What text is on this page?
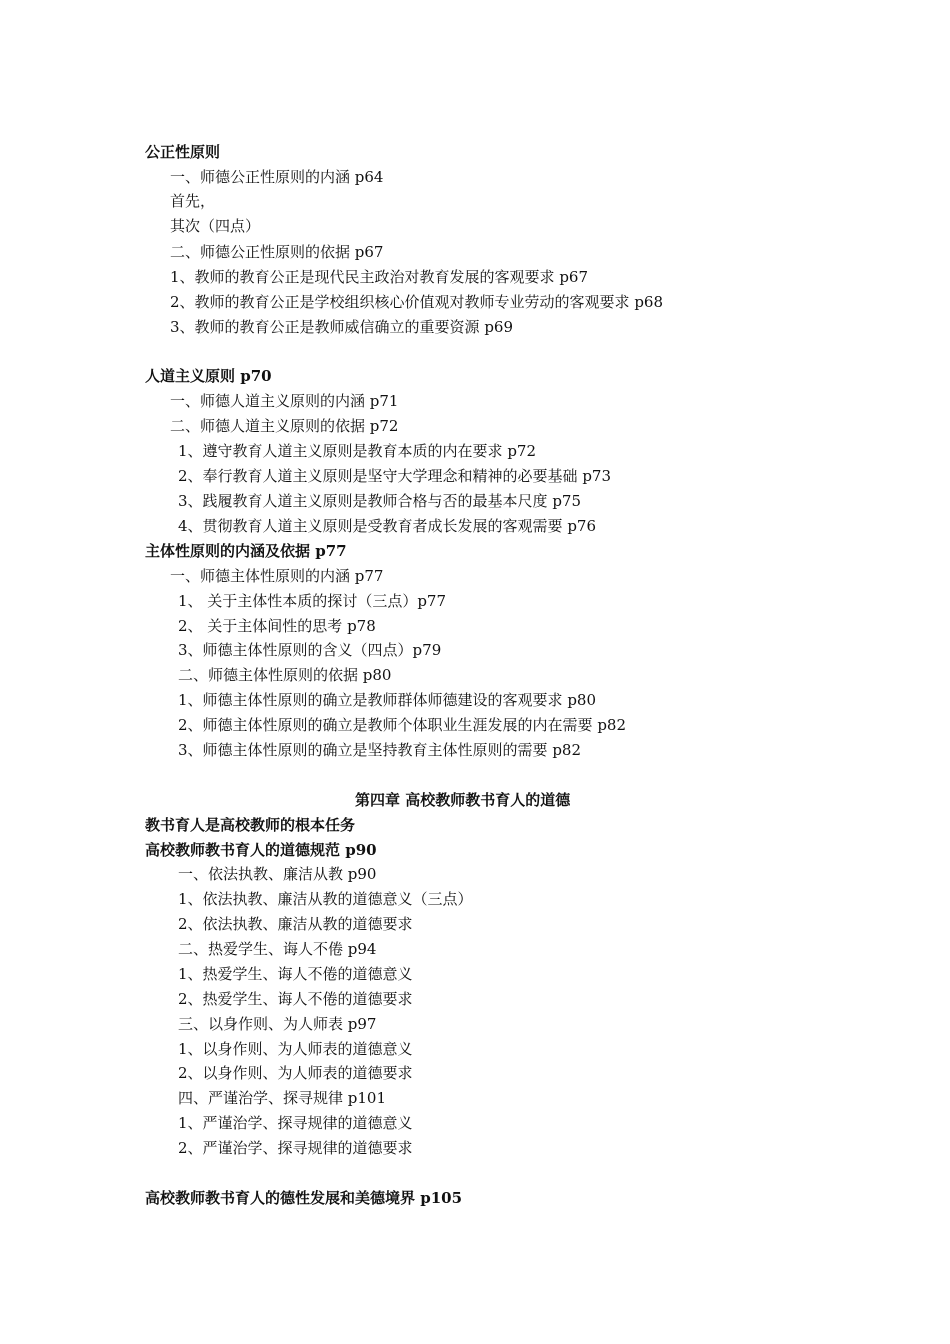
公正性原则
一、师德公正性原则的内涵 p64
首先，
其次（四点）
二、师德公正性原则的依据 p67
1、教师的教育公正是现代民主政治对教育发展的客观要求 p67
2、教师的教育公正是学校组织核心价值观对教师专业劳动的客观要求 p68
3、教师的教育公正是教师威信确立的重要资源 p69
人道主义原则 p70
一、师德人道主义原则的内涵 p71
二、师德人道主义原则的依据 p72
1、遵守教育人道主义原则是教育本质的内在要求 p72
2、奉行教育人道主义原则是坚守大学理念和精神的必要基础 p73
3、践履教育人道主义原则是教师合格与否的最基本尺度 p75
4、贯彻教育人道主义原则是受教育者成长发展的客观需要 p76
主体性原则的内涵及依据 p77
一、师德主体性原则的内涵 p77
1、 关于主体性本质的探讨（三点）p77
2、 关于主体间性的思考 p78
3、师德主体性原则的含义（四点）p79
二、师德主体性原则的依据 p80
1、师德主体性原则的确立是教师群体师德建设的客观要求 p80
2、师德主体性原则的确立是教师个体职业生涯发展的内在需要 p82
3、师德主体性原则的确立是坚持教育主体性原则的需要 p82
第四章 高校教师教书育人的道德
教书育人是高校教师的根本任务
高校教师教书育人的道德规范 p90
一、依法执教、廉洁从教 p90
1、依法执教、廉洁从教的道德意义（三点）
2、依法执教、廉洁从教的道德要求
二、热爱学生、诲人不倦 p94
1、热爱学生、诲人不倦的道德意义
2、热爱学生、诲人不倦的道德要求
三、以身作则、为人师表 p97
1、以身作则、为人师表的道德意义
2、以身作则、为人师表的道德要求
四、严谨治学、探寻规律 p101
1、严谨治学、探寻规律的道德意义
2、严谨治学、探寻规律的道德要求
高校教师教书育人的德性发展和美德境界 p105
